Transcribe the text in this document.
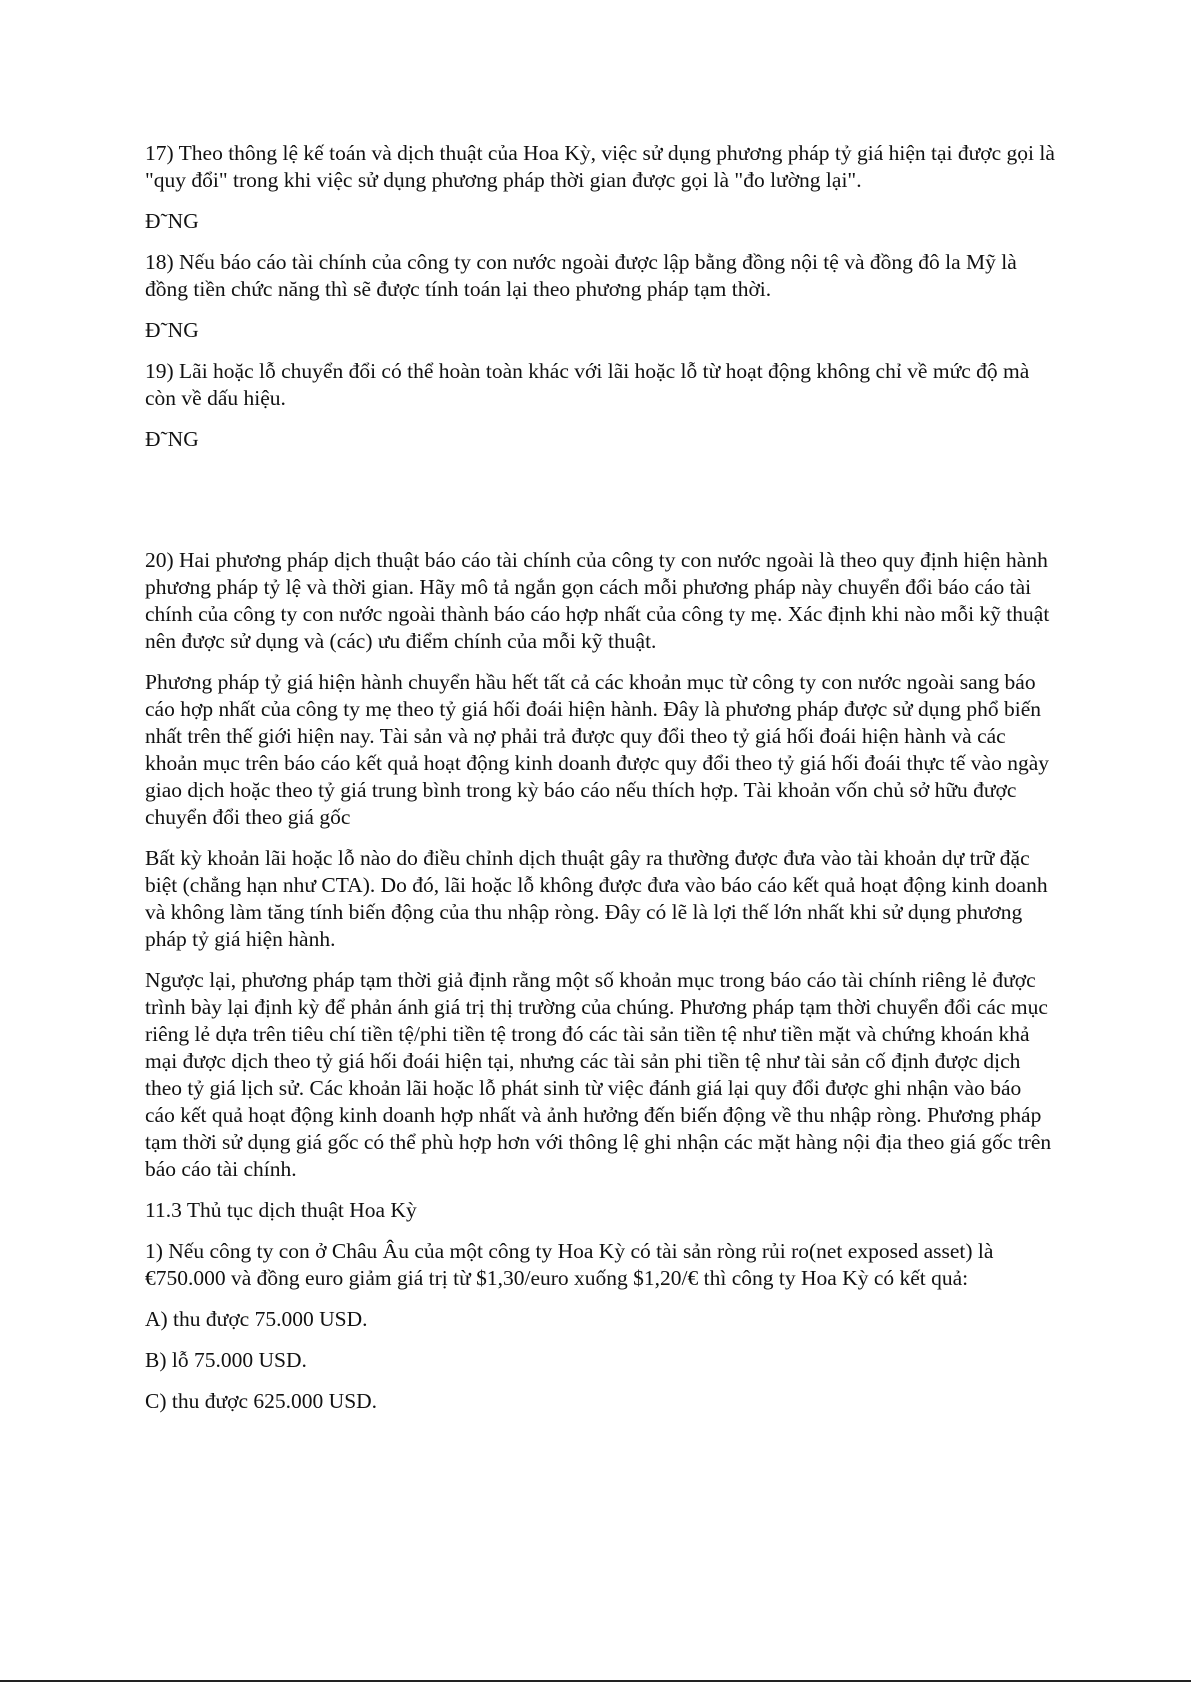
17) Theo thông lệ kế toán và dịch thuật của Hoa Kỳ, việc sử dụng phương pháp tỷ giá hiện tại được gọi là "quy đổi" trong khi việc sử dụng phương pháp thời gian được gọi là "đo lường lại".

Đ˜NG

18) Nếu báo cáo tài chính của công ty con nước ngoài được lập bằng đồng nội tệ và đồng đô la Mỹ là đồng tiền chức năng thì sẽ được tính toán lại theo phương pháp tạm thời.

Đ˜NG

19) Lãi hoặc lỗ chuyển đổi có thể hoàn toàn khác với lãi hoặc lỗ từ hoạt động không chỉ về mức độ mà còn về dấu hiệu.

Đ˜NG

20) Hai phương pháp dịch thuật báo cáo tài chính của công ty con nước ngoài là theo quy định hiện hành phương pháp tỷ lệ và thời gian. Hãy mô tả ngắn gọn cách mỗi phương pháp này chuyển đổi báo cáo tài chính của công ty con nước ngoài thành báo cáo hợp nhất của công ty mẹ. Xác định khi nào mỗi kỹ thuật nên được sử dụng và (các) ưu điểm chính của mỗi kỹ thuật.

Phương pháp tỷ giá hiện hành chuyển hầu hết tất cả các khoản mục từ công ty con nước ngoài sang báo cáo hợp nhất của công ty mẹ theo tỷ giá hối đoái hiện hành. Đây là phương pháp được sử dụng phổ biến nhất trên thế giới hiện nay. Tài sản và nợ phải trả được quy đổi theo tỷ giá hối đoái hiện hành và các khoản mục trên báo cáo kết quả hoạt động kinh doanh được quy đổi theo tỷ giá hối đoái thực tế vào ngày giao dịch hoặc theo tỷ giá trung bình trong kỳ báo cáo nếu thích hợp. Tài khoản vốn chủ sở hữu được chuyển đổi theo giá gốc

Bất kỳ khoản lãi hoặc lỗ nào do điều chỉnh dịch thuật gây ra thường được đưa vào tài khoản dự trữ đặc biệt (chẳng hạn như CTA). Do đó, lãi hoặc lỗ không được đưa vào báo cáo kết quả hoạt động kinh doanh và không làm tăng tính biến động của thu nhập ròng. Đây có lẽ là lợi thế lớn nhất khi sử dụng phương pháp tỷ giá hiện hành.

Ngược lại, phương pháp tạm thời giả định rằng một số khoản mục trong báo cáo tài chính riêng lẻ được trình bày lại định kỳ để phản ánh giá trị thị trường của chúng. Phương pháp tạm thời chuyển đổi các mục riêng lẻ dựa trên tiêu chí tiền tệ/phi tiền tệ trong đó các tài sản tiền tệ như tiền mặt và chứng khoán khả mại được dịch theo tỷ giá hối đoái hiện tại, nhưng các tài sản phi tiền tệ như tài sản cố định được dịch theo tỷ giá lịch sử. Các khoản lãi hoặc lỗ phát sinh từ việc đánh giá lại quy đổi được ghi nhận vào báo cáo kết quả hoạt động kinh doanh hợp nhất và ảnh hưởng đến biến động về thu nhập ròng. Phương pháp tạm thời sử dụng giá gốc có thể phù hợp hơn với thông lệ ghi nhận các mặt hàng nội địa theo giá gốc trên báo cáo tài chính.

11.3 Thủ tục dịch thuật Hoa Kỳ

1) Nếu công ty con ở Châu Âu của một công ty Hoa Kỳ có tài sản ròng rủi ro(net exposed asset) là €750.000 và đồng euro giảm giá trị từ $1,30/euro xuống $1,20/€ thì công ty Hoa Kỳ có kết quả:

A) thu được 75.000 USD.

B) lỗ 75.000 USD.

C) thu được 625.000 USD.
